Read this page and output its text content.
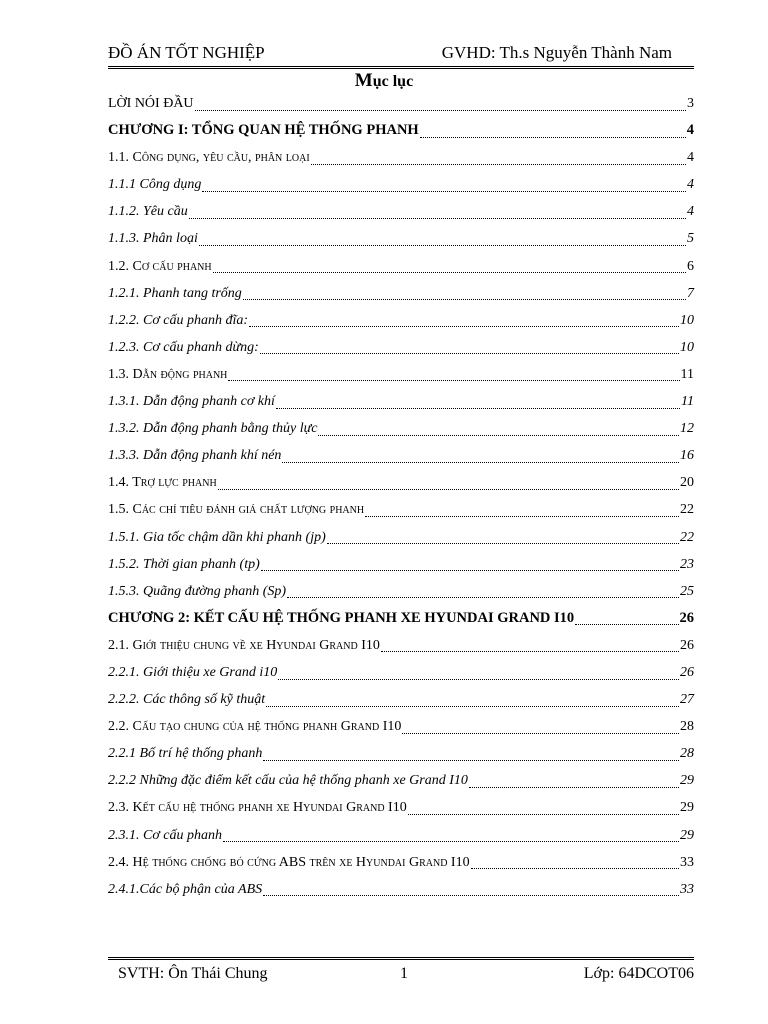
ĐỒ ÁN TỐT NGHIỆP	GVHD: Th.s Nguyễn Thành Nam
Mục lục
LỜI NÓI ĐẦU	3
CHƯƠNG I: TỔNG QUAN HỆ THỐNG PHANH	4
1.1. Công dụng, yêu cầu, phân loại	4
1.1.1 Công dụng	4
1.1.2. Yêu cầu	4
1.1.3. Phân loại	5
1.2. Cơ cấu phanh	6
1.2.1. Phanh tang trống	7
1.2.2. Cơ cấu phanh đĩa:	10
1.2.3. Cơ cấu phanh dừng:	10
1.3. Dẫn động phanh	11
1.3.1. Dẫn động phanh cơ khí	11
1.3.2. Dẫn động phanh bằng thủy lực	12
1.3.3. Dẫn động phanh khí nén	16
1.4. Trợ lực phanh	20
1.5. Các chỉ tiêu đánh giá chất lượng phanh	22
1.5.1. Gia tốc chậm dần khi phanh (jp)	22
1.5.2. Thời gian phanh (tp)	23
1.5.3. Quãng đường phanh (Sp)	25
CHƯƠNG 2: KẾT CẤU HỆ THỐNG PHANH XE HYUNDAI GRAND I10	26
2.1. Giới thiệu chung về xe Hyundai Grand I10	26
2.2.1. Giới thiệu xe Grand i10	26
2.2.2. Các thông số kỹ thuật	27
2.2. Cấu tạo chung của hệ thống phanh Grand I10	28
2.2.1 Bố trí hệ thống phanh	28
2.2.2 Những đặc điểm kết cấu của hệ thống phanh xe Grand I10	29
2.3. Kết cấu hệ thống phanh xe Hyundai Grand I10	29
2.3.1. Cơ cấu phanh	29
2.4. Hệ thống chống bó cứng ABS trên xe Hyundai Grand I10	33
2.4.1.Các bộ phận của ABS	33
SVTH: Ôn Thái Chung	1	Lớp: 64DCOT06
